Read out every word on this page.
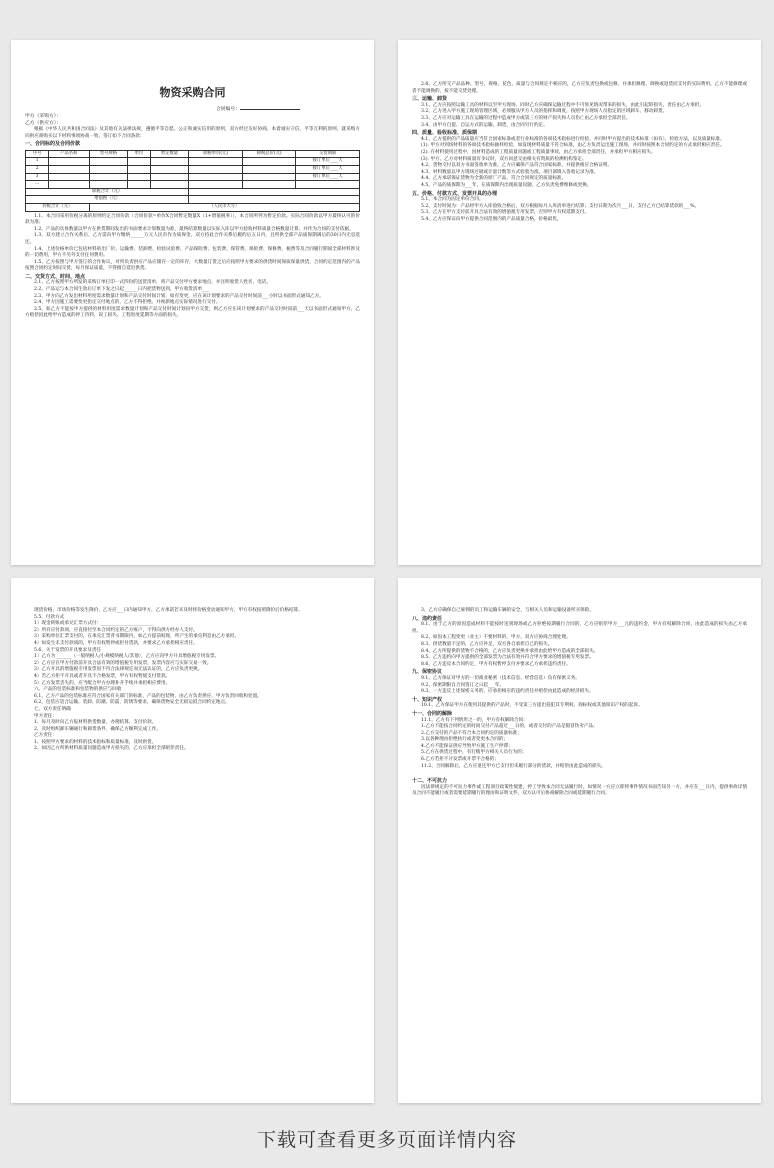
物资采购合同
合同编号：
甲方（采购方）：
乙方（供应方）：
根据《中华人民共和国合同法》及其他有关法律法规，遵循平等自愿、公正和诚实信用的原则，双方经过友好协商，本着诚实守信、平等互利的原则，就采购方向供应商购买以下材料事项协商一致，签订如下合同条款：
一、合同标的及合同价款
序号	产品名称	型号规格	单位	暂定数量	除税单价(元)	除税总价(元)	交货期限
1							接订单后____天
2							接订单后____天
3							接订单后____天
...							
除税合计（元）							
增值税（元）							
价税合计（元）		（人民币大写）					
1.1、本合同采用价税分离的原则约定合同价款（合同价款=单价X合同暂定数量X（1+增值税率）），本合同所列为暂定价款。实际合同价款以甲方最终认可的价款为准；
1.2、产品的具体数量以甲方在供货期间发出的书面要求计划数量为准，最终结算数量以实际入库以甲方验收材料质量合格数量计算，并作为合同的支付依据。
1.3、双方建立合作关系后，乙方需向甲方缴纳______万元人民币作为质保金，双方持此合作关系后履约后五日内，且所供全部产品质保期满后的30日内无息返还。
1.4、上述价格单价已包括材料的出厂价、运输费、装卸费、检验试验费、产品保险费、包装费、保管费、保险费、保修费、税费等及合同履行期间全部材料涉及的一切费用，甲方不另外支付任何费用。
1.5、乙方按照与甲方签订的合作协议，对所负责供应产品应储存一定的库存，大数量订货之后应按照甲方要求的供货时间保质保量供货，合同约定范围内的产品按照合同约定时间交货，每月保证质量，不得擅自延迟供货。
二、交货方式、时间、地点
2.1、乙方按照甲方所发的采购订单打印一式四份的送货清单，将产品交付甲方要求地点，并注明收货人姓名、电话。
2.2、产品运与本合同生效后订单下发之日起______日内把货物送到，甲方收货清单___
2.3、甲方向乙方发出材料用度需求数量计划和产品交付时间计划，如有变更，应在该计划要求的产品交付时间前___小时以书面形式通知乙方。
2.4、甲方因施工需要变更指定交付地点的，乙方不得拒绝。并视新地点实际情况进行交付。
2.5、如乙方不能按甲方提供的材料用度需求数量计划和产品交付时间计划向甲方交货，则乙方应在该计划要求的产品交付时间前___天以书面形式通知甲方，乙方赔偿因此给甲方造成的停工待料、误工损失、工程进度延期等方面的损失。
2.6、乙方所交产品品种、型号、规格、花色、质量与合同规定不相应的，乙方应负责包换或包修，并承担修理、调换或退货而支付的实际费用。乙方不能修理或者不能调换的，按不能交货处理。
三、运输、卸货
3.1、乙方应按照运输工具的材料以至甲方现场，同时乙方应确保运输过程中不可预见情况带来的损失，由此引起的损失，责任由乙方承担。
3.2、乙方进入甲方施工现场管理区域，必须服从甲方人员的指挥和调度，按照甲方现场人员指定的区域卸车、移动卸货。
3.3、乙方应对运输工具在运输的过程中造成甲方或第三方的财产损失和人员伤亡由乙方承担全部责任。
3.4、由甲方自提、自运方式的运输、卸货，由合同另行约定。
四、质量、验收标准、质保期
4.1、乙方提供的产品质量应当符合国家标准或者行业标准的各项技术指标进行检验，并同时甲方提出的技术标准（如有）、检验方法，以及质量标准。
(1). 甲方对到场材料的各项技术指标抽样检验，如发现材料质量不符合标准，由乙方负责运出施工现场，并同时按照本合同约定的方式承担相应责任。
(2). 在材料使用过程中，因材料造成的工程质量问题或工程质量事故，由乙方承担全部责任，并承担甲方相应损失。
(3). 甲方、乙方对材料质量有争议时，双方同意交由相关有资质的检测机构鉴定。
4.2、货物交付以双方书面签收单为准，乙方应确保产品符合国家标准，并提供相应合格证明。
4.3、材料数量以甲方现场过磅或计量计数等方式验收为准。项目部填入签收记录为准。
4.4、乙方承诺保证货物为全新的原厂产品，符合合同规定的质量标准。
4.5、产品的质保期为___年，在质保期内出现质量问题，乙方负责免费维修或更换。
五、价格、付款方式、发票开具的办理
5.1、本合同为固定单价合同。
5.2、支付时间为：产品经甲方入库验收合格后，双方根据每月入库清单进行结算；支付日期为次月___日，支付乙方已结算货款的___%。
5.3、乙方在甲方支付前开具合法有效的增值税专用发票，否则甲方有权延期支付。
5.4、乙方应保证向甲方提供合同范围内的产品质量合格，价格最优。
现货价格、市场价格等发生降价，乙方应___日内通知甲方，乙方承诺若未及时将价格变动通知甲方，甲方有权按照降价后价格结算。
5.5、付款方式
1）现金转账或承兑汇票方式付：_______________________
2）所有应付款项，应直接付至本合同约定的乙方账户，不得向供方经办人支付。
3）采购单位汇票支付的，在承兑汇票背书期限内，如乙方提前贴现，所产生的承兑利息由乙方承担。
4）如发生未支付款项的，甲方有权暂停或拒付货款，并要求乙方承担相应责任。
5.6、关于发票的开具要求及责任
1）乙方为_______（一般纳税人/小规模纳税人/其他），乙方应向甲方开具增值税专用发票。
2）乙方应在甲方付款前开具合法有效的增值税专用发票，发票内容应与实际交易一致。
3）乙方开具的增值税专用发票因不符合法律规定而无法认证的，乙方应负责更换。
4）若乙方拒不开具或者开具不合格发票，甲方有权暂缓支付货款。
5）乙方发票丢失的，应当配合甲方办理补开手续并承担相应费用。
六、产品的包装标准和包装物的供应与回收
6.1、乙方产品的包装标准应符合国家有关部门的标准，产品的包装物，由乙方负责供应，甲方负责回收和处置。
6.2、包装应适合运输、装卸、防潮、防震、防锈等要求，确保货物安全无损运抵合同约定地点。
七、双方责任明确
甲方责任：
1、每月及时向乙方报材料供货数量、办理结算、支付价款。
2、及时组织卸车辆通行和卸货条件，确保乙方顺利完成工作。
乙方责任：
1、按照甲方要求的材料的技术指标和质量标准，及时供货。
2、如因乙方所供材料质量问题造成甲方损失的，乙方应承担全部赔偿责任。
3、乙方应确保自己雇佣的员工和运输车辆的安全，与相关人员和运输设备所买保险。
八、违约责任
8.1、由于乙方的原因造成材料不能按时送到现场或乙方拒绝按期履行合同的，乙方应赔偿甲方___元的违约金，甲方有权解除合同，由此造成的损失由乙方承担。
8.2、如因本工程变更（业主）不要材料的，甲方、双方应协商合理处理。
8.3、供货数量不足的，乙方应补足，双方各自承担自己的损失。
8.4、乙方所提供的货物不合格的，乙方应负责更换并承担由此给甲方造成的全部损失。
8.5、乙方违约向甲方提供的全部发票为合法有效并符合甲方要求的增值税专用发票。
8.6、乙方违反本合同约定，甲方有权暂停支付并要求乙方承担违约责任。
九、保密协议
9.1、乙方保证对甲方的一切商业秘密（技术信息、经营信息）负有保密义务。
9.2、保密期限自合同签订之日起___年。
9.3、一方违反上述保密义务的，应承担相应的违约责任并赔偿由此造成的经济损失。
十、知识产权
10.1、乙方保证甲方在使用其提供的产品时，不受第三方提出侵犯其专利权、商标权或其他知识产权的起诉。
十一、合同的解除
11.1、乙方有下列情形之一的，甲方有权解除合同：
1.乙方不能按合同约定的时间交付产品超过___日的，或者交付的产品是假冒伪劣产品；
2.乙方交付的产品不符合本合同约定的质量标准；
3.以各种理由拒绝执行或者变更本合同的；
4.乙方不能保证供应导致甲方施工生产停滞；
5.乙方在供货过程中，有行贿甲方相关人员行为的；
6.乙方若拒不开发票或开票不合格的；
11.2、合同解除后，乙方应退还甲方已支付但未履行部分的货款，并赔偿由此造成的损失。
十二、不可抗力
因法律规定的不可抗力事件或工程项目政策性缓建，停工导致本合同无法履行时，如情况一方应立即将事件情况书面告知另一方，并应在___日内，提供事故详情及合同不能履行或者需要延期履行的理由和证明文件，双方认可后协商解除合同或延期履行合同。
下载可查看更多页面详情内容
